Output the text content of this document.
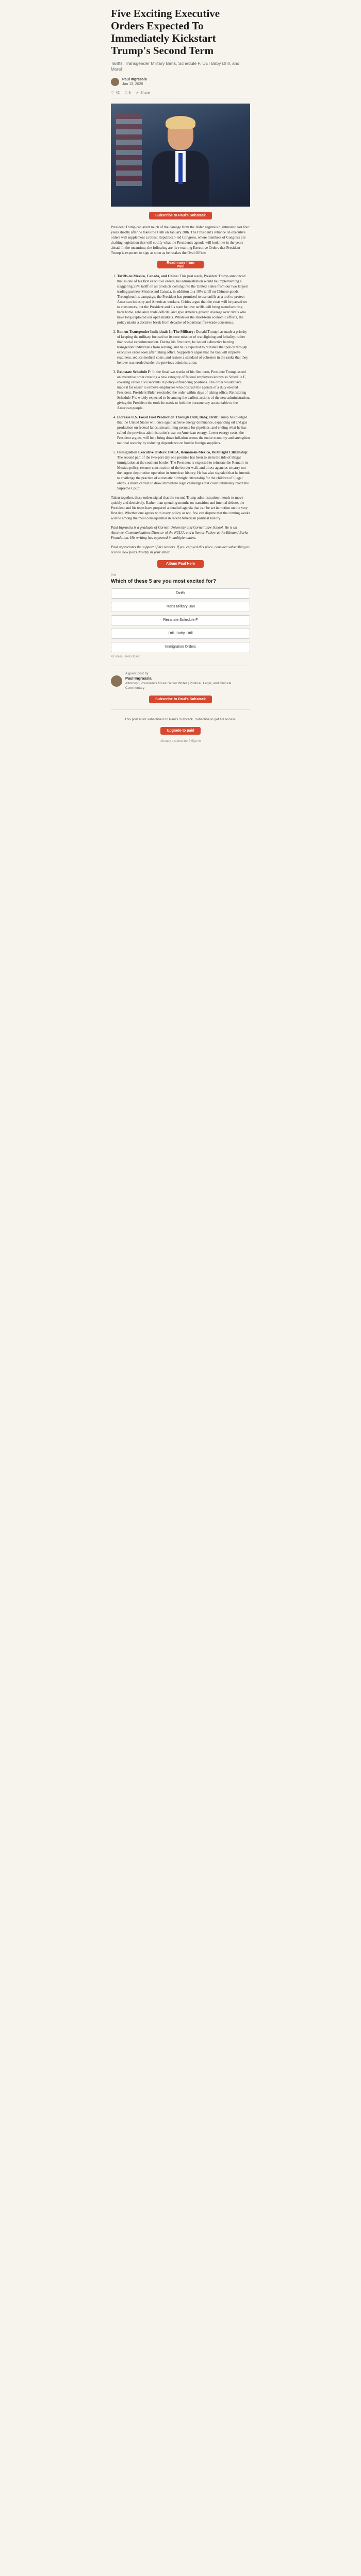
Five Exciting Executive Orders Expected To Immediately Kickstart Trump's Second Term
Tariffs, Transgender Military Bans, Schedule F, DEI Baby Drill, and More!
Paul Ingrassia
Jan 13, 2025
♡ 42 □ 8 ↗ Share
Subscribe to Paul's Substack

President Trump can avert much of the damage from the Biden regime's nightmarish last four years shortly after he takes the Oath on January 20th. The President's reliance on executive orders will supplement a robust Republican-led Congress, where members of Congress are drafting legislation that will codify what the President's agenda will look like in the years ahead. In the meantime, the following are five exciting Executive Orders that President Trump is expected to sign as soon as he retakes the Oval Office:

Read more from Paul
1. Tariffs on Mexico, Canada, and China: This past week, President Trump announced that as one of his first executive orders, his administration would be implementing a staggering 25% tariff on all products coming into the United States from our two largest trading partners Mexico and Canada, in addition to a 10% tariff on Chinese goods. Throughout his campaign, the President has promised to use tariffs as a tool to protect American industry and American workers. Critics argue that the costs will be passed on to consumers, but the President and his team believe tariffs will bring manufacturing back home, rebalance trade deficits, and give America greater leverage over rivals who have long exploited our open markets. Whatever the short-term economic effects, the policy marks a decisive break from decades of bipartisan free-trade consensus.
2. Ban on Transgender Individuals In The Military: Donald Trump has made a priority of keeping the military focused on its core mission of war-fighting and lethality, rather than social experimentation. During his first term, he issued a directive barring transgender individuals from serving, and he is expected to reinstate that policy through executive order soon after taking office. Supporters argue that the ban will improve readiness, reduce medical costs, and restore a standard of cohesion in the ranks that they believe was eroded under the previous administration.
3. Reinstate Schedule F: In the final two weeks of his first term, President Trump issued an executive order creating a new category of federal employees known as Schedule F, covering career civil servants in policy-influencing positions. The order would have made it far easier to remove employees who obstruct the agenda of a duly elected President. President Biden rescinded the order within days of taking office. Reinstating Schedule F is widely expected to be among the earliest actions of the new administration, giving the President the tools he needs to hold the bureaucracy accountable to the American people.
4. Increase U.S. Fossil Fuel Production Through Drill, Baby, Drill: Trump has pledged that the United States will once again achieve energy dominance, expanding oil and gas production on federal lands, streamlining permits for pipelines, and ending what he has called the previous administration's war on American energy. Lower energy costs, the President argues, will help bring down inflation across the entire economy and strengthen national security by reducing dependence on hostile foreign suppliers.
5. Immigration Executive Orders: DACA, Remain-in-Mexico, Birthright Citizenship: The second part of the two-part day one promise has been to stem the tide of illegal immigration at the southern border. The President is expected to reinstate the Remain-in-Mexico policy, resume construction of the border wall, and direct agencies to carry out the largest deportation operation in American history. He has also signaled that he intends to challenge the practice of automatic birthright citizenship for the children of illegal aliens, a move certain to draw immediate legal challenges that could ultimately reach the Supreme Court.

Taken together, these orders signal that the second Trump administration intends to move quickly and decisively. Rather than spending months on transition and internal debate, the President and his team have prepared a detailed agenda that can be set in motion on the very first day. Whether one agrees with every policy or not, few can dispute that the coming weeks will be among the most consequential in recent American political history.

Paul Ingrassia is a graduate of Cornell University and Cornell Law School. He is an Attorney, Communications Director of the NCLU, and a Senior Fellow at the Edmund Burke Foundation. His writing has appeared in multiple outlets.

Paul appreciates the support of his readers. If you enjoyed this piece, consider subscribing to receive new posts directly in your inbox.

Album Paul Here
Poll
Which of these 5 are you most excited for?
Tariffs
Trans Military Ban
Reinstate Schedule F
Drill, Baby, Drill
Immigration Orders
42 votes · Poll closed
A guest post by
Paul Ingrassia
Attorney | President's future Senior Writer | Political, Legal, and Cultural Commentary
Subscribe to Paul's Substack

This post is for subscribers to Paul's Substack. Subscribe to get full access.

Upgrade to paid
Already a subscriber? Sign in
